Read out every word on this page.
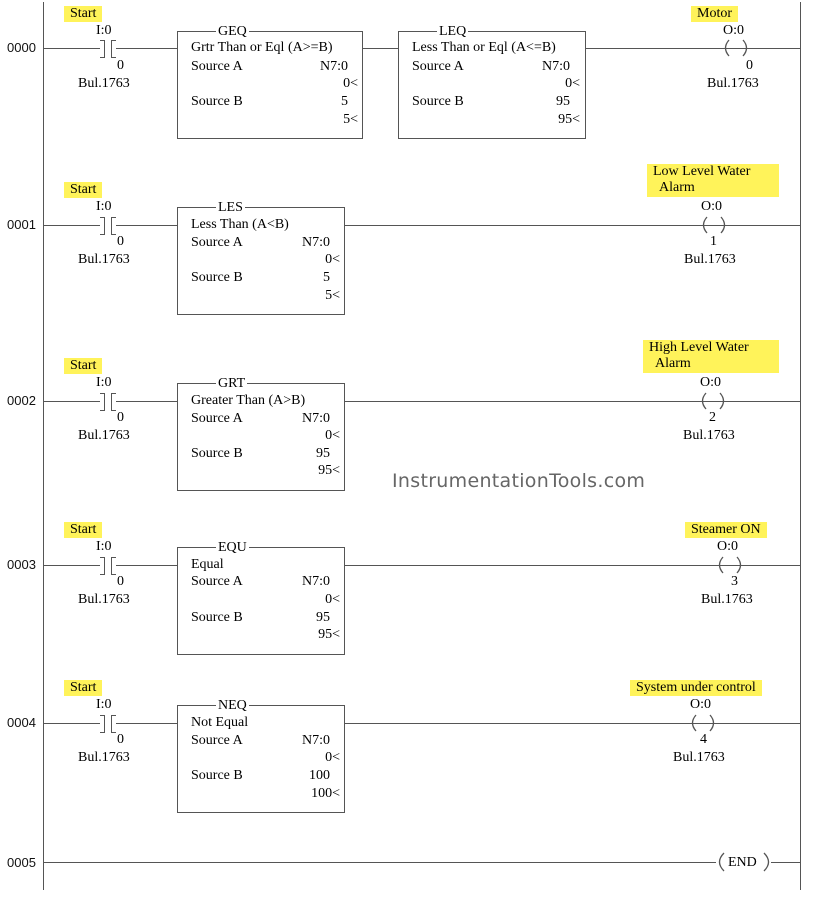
0000
Start
I:0
0
Bul.1763
GEQ
Grtr Than or Eql (A>=B)
Source A	N7:0
0<
Source B	5
5<
LEQ
Less Than or Eql (A<=B)
Source A	N7:0
0<
Source B	95
95<
Motor
O:0
0
Bul.1763
0001
Start
I:0
0
Bul.1763
LES
Less Than (A<B)
Source A	N7:0
0<
Source B	5
5<
Low Level Water
Alarm
O:0
1
Bul.1763
0002
Start
I:0
0
Bul.1763
GRT
Greater Than (A>B)
Source A	N7:0
0<
Source B	95
95<
High Level Water
Alarm
O:0
2
Bul.1763
InstrumentationTools.com
0003
Start
I:0
0
Bul.1763
EQU
Equal
Source A	N7:0
0<
Source B	95
95<
Steamer ON
O:0
3
Bul.1763
0004
Start
I:0
0
Bul.1763
NEQ
Not Equal
Source A	N7:0
0<
Source B	100
100<
System under control
O:0
4
Bul.1763
0005	END
